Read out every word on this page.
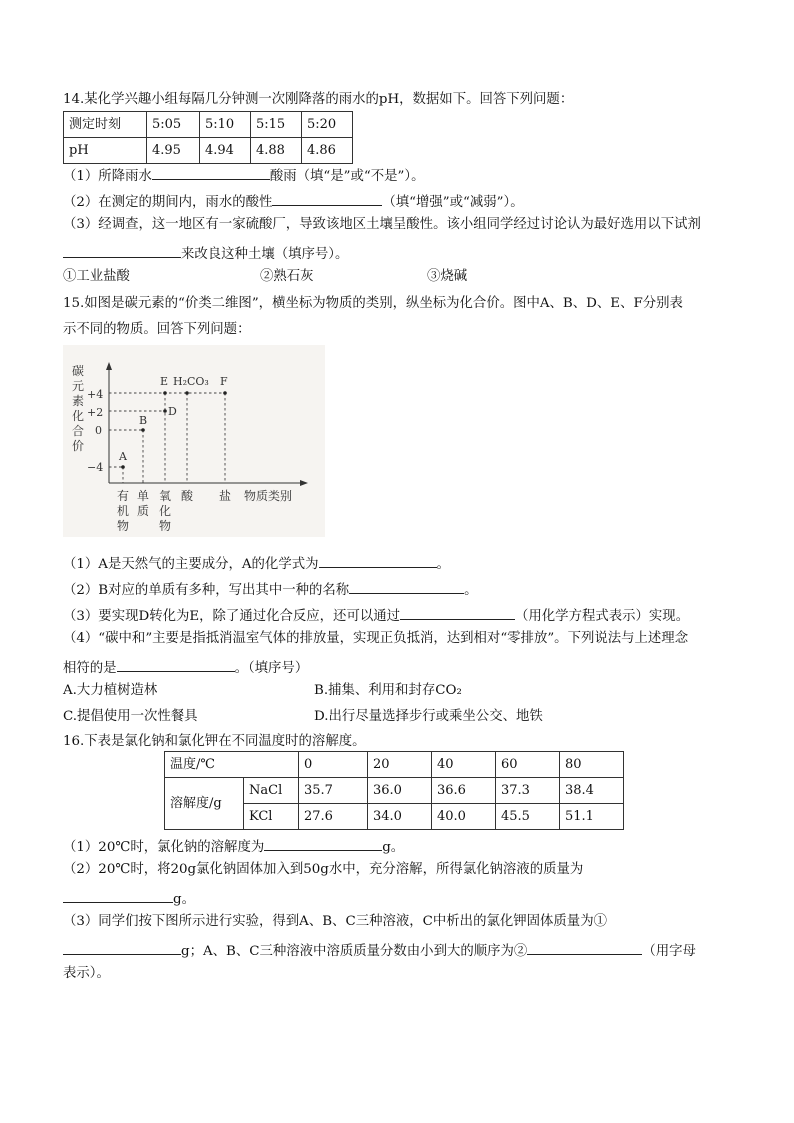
14.某化学兴趣小组每隔几分钟测一次刚降落的雨水的pH，数据如下。回答下列问题：
测定时刻	5:05	5:10	5:15	5:20
pH	4.95	4.94	4.88	4.86
（1）所降雨水	酸雨（填“是”或“不是”）。
（2）在测定的期间内，雨水的酸性	（填“增强”或“减弱”）。
（3）经调查，这一地区有一家硫酸厂，导致该地区土壤呈酸性。该小组同学经过讨论认为最好选用以下试剂
来改良这种土壤（填序号）。
①工业盐酸	②熟石灰	③烧碱
15.如图是碳元素的“价类二维图”，横坐标为物质的类别，纵坐标为化合价。图中A、B、D、E、F分别表
示不同的物质。回答下列问题：
碳
元
素
化
合
价
+4
+2
0
−4
A
B
D
E H₂CO₃ F
有
机
物
单
质
氧
化
物
酸 盐 物质类别
（1）A是天然气的主要成分，A的化学式为	。
（2）B对应的单质有多种，写出其中一种的名称	。
（3）要实现D转化为E，除了通过化合反应，还可以通过	（用化学方程式表示）实现。
（4）“碳中和”主要是指抵消温室气体的排放量，实现正负抵消，达到相对“零排放”。下列说法与上述理念
相符的是	。（填序号）
A.大力植树造林	B.捕集、利用和封存CO₂
C.提倡使用一次性餐具	D.出行尽量选择步行或乘坐公交、地铁
16.下表是氯化钠和氯化钾在不同温度时的溶解度。
温度/℃		0	20	40	60	80
溶解度/g	NaCl	35.7	36.0	36.6	37.3	38.4
	KCl	27.6	34.0	40.0	45.5	51.1
（1）20℃时，氯化钠的溶解度为	g。
（2）20℃时，将20g氯化钠固体加入到50g水中，充分溶解，所得氯化钠溶液的质量为
g。
（3）同学们按下图所示进行实验，得到A、B、C三种溶液，C中析出的氯化钾固体质量为①
g；A、B、C三种溶液中溶质质量分数由小到大的顺序为②	（用字母
表示）。
